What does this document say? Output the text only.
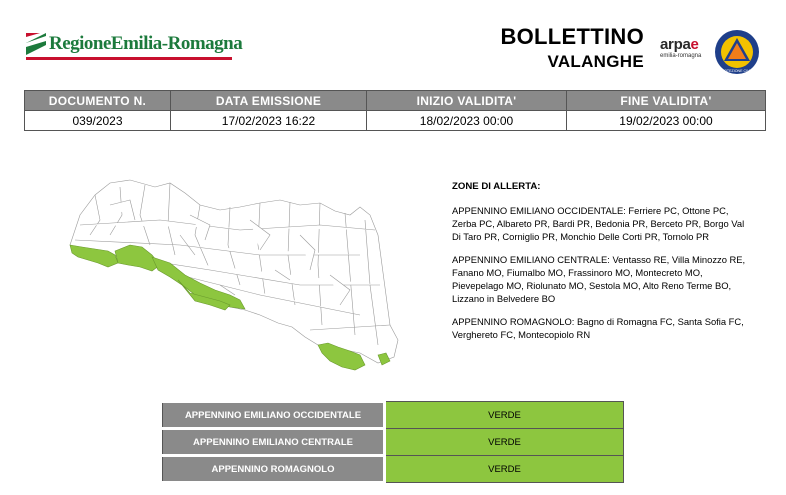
RegioneEmilia-Romagna	BOLLETTINO
VALANGHE
arpae
emilia-romagna
PROTEZIONE CIVILE
DOCUMENTO N.	DATA EMISSIONE	INIZIO VALIDITA'	FINE VALIDITA'
039/2023	17/02/2023 16:22	18/02/2023 00:00	19/02/2023 00:00
ZONE DI ALLERTA:

APPENNINO EMILIANO OCCIDENTALE: Ferriere PC, Ottone PC, Zerba PC, Albareto PR, Bardi PR, Bedonia PR, Berceto PR, Borgo Val Di Taro PR, Corniglio PR, Monchio Delle Corti PR, Tornolo PR

APPENNINO EMILIANO CENTRALE: Ventasso RE, Villa Minozzo RE, Fanano MO, Fiumalbo MO, Frassinoro MO, Montecreto MO, Pievepelago MO, Riolunato MO, Sestola MO, Alto Reno Terme BO, Lizzano in Belvedere BO

APPENNINO ROMAGNOLO: Bagno di Romagna FC, Santa Sofia FC, Verghereto FC, Montecopiolo RN

APPENNINO EMILIANO OCCIDENTALE	VERDE
APPENNINO EMILIANO CENTRALE	VERDE
APPENNINO ROMAGNOLO	VERDE
